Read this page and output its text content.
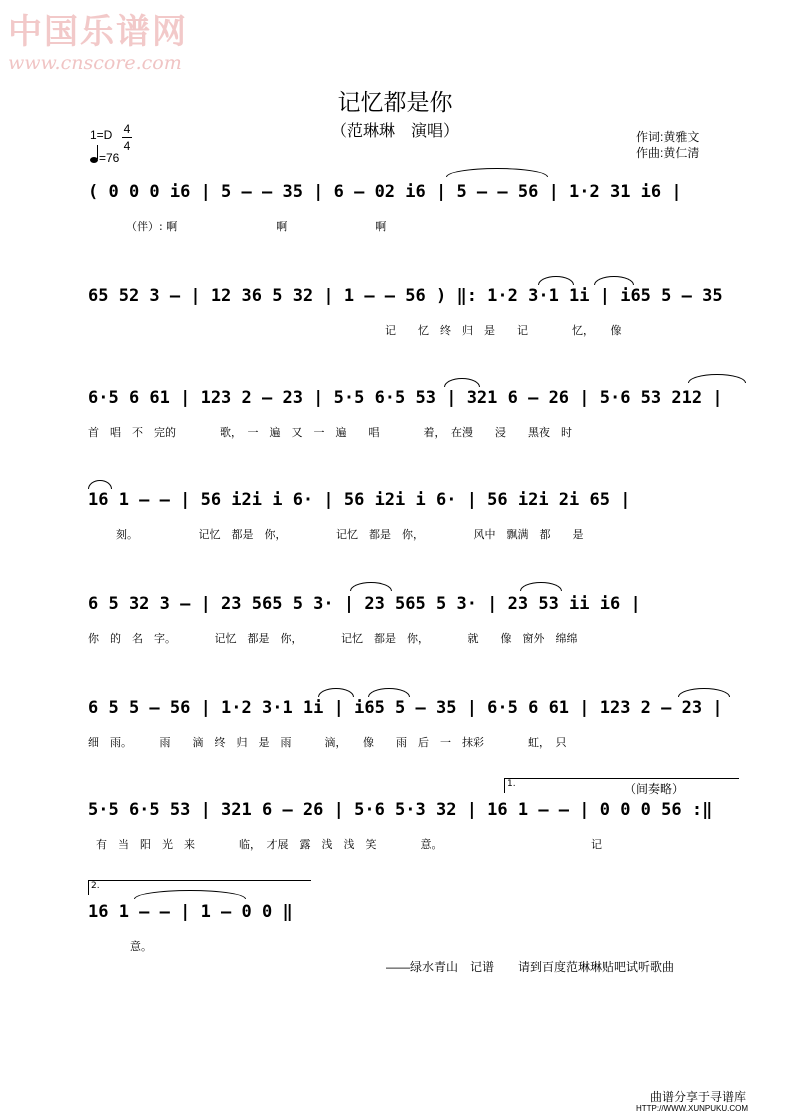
中国乐谱网
www.cnscore.com
记忆都是你
（范琳琳　演唱）
1=D 4
4
=76
作词:黄雅文
作曲:黄仁清
( 0 0 0 i6 | 5 – – 35 | 6 – 02 i6 | 5 – – 56 | 1·2 31 i6 |
（伴）: 啊　　　　　　　　　啊　　　　　　　　啊
65 52 3 – | 12 36 5 32 | 1 – – 56 ) ‖: 1·2 3·1 1i | i65 5 – 35
　　　　　　　　　　　　　　　　　　　　　　　　　　　记　　忆　终　归　是　　记　　　　忆，　　像
6·5 6 61 | 123 2 – 23 | 5·5 6·5 53 | 321 6 – 26 | 5·6 53 212 |
首　唱　不　完的　　　　歌，　一　遍　又　一　遍　　唱　　　　着，　在漫　　浸　　黑夜　时
16 1 – – | 56 i2i i 6· | 56 i2i i 6· | 56 i2i 2i 65 |
刻。　　　　　　记忆　都是　你，　　　　　记忆　都是　你，　　　　　风中　飘满　都　　是
6 5 32 3 – | 23 565 5 3· | 23 565 5 3· | 23 53 ii i6 |
你　的　名　字。　　　　记忆　都是　你，　　　　记忆　都是　你，　　　　就　　像　窗外　绵绵
6 5 5 – 56 | 1·2 3·1 1i | i65 5 – 35 | 6·5 6 61 | 123 2 – 23 |
细　雨。　　　雨　　滴　终　归　是　雨　　　滴，　　像　　雨　后　一　抹彩　　　　虹，　只
5·5 6·5 53 | 321 6 – 26 | 5·6 5·3 32 | 16 1 – – | 0 0 0 56 :‖
有　当　阳　光　来　　　　临，　才展　露　浅　浅　笑　　　　意。　　　　　　　　　　　　　　记
1.	（间奏略）
2.
16 1 – – | 1 – 0 0 ‖
意。
——绿水青山　记谱　　请到百度范琳琳贴吧试听歌曲
曲谱分享于寻谱库
HTTP://WWW.XUNPUKU.COM
